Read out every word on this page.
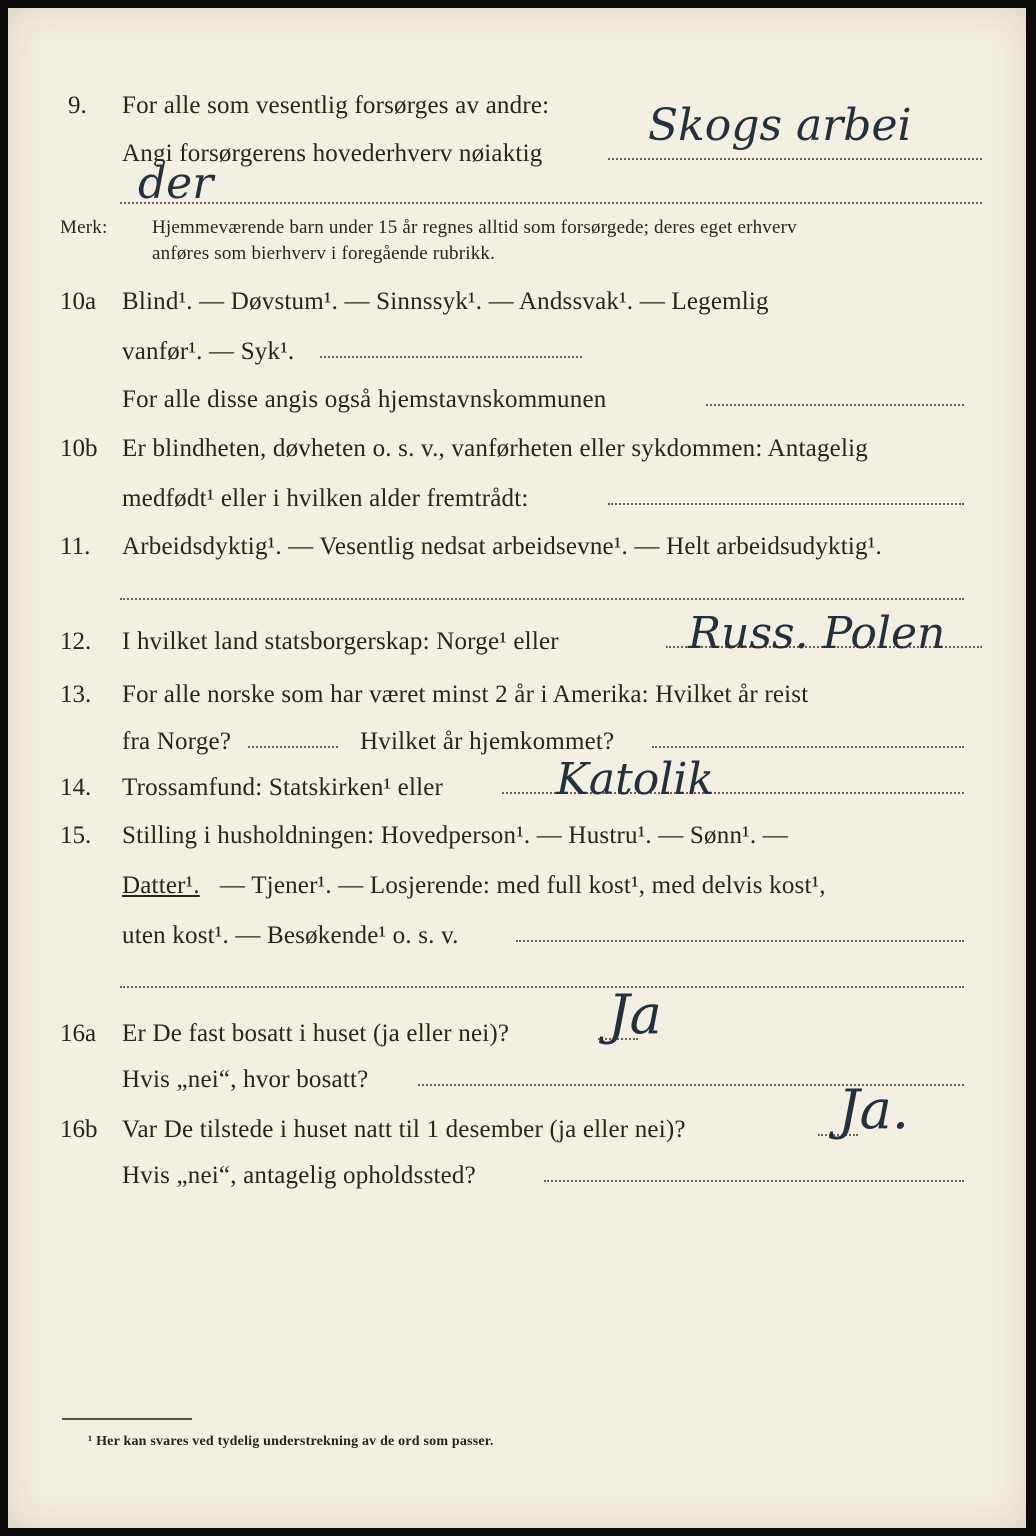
9. For alle som vesentlig forsørges av andre:
Angi forsørgerens hovederhverv nøiaktig
Skogs arbei
der
Merk: Hjemmeværende barn under 15 år regnes alltid som forsørgede; deres eget erhverv
anføres som bierhverv i foregående rubrikk.
10a Blind¹. — Døvstum¹. — Sinnssyk¹. — Andssvak¹. — Legemlig
vanfør¹. — Syk¹.
For alle disse angis også hjemstavnskommunen
10b Er blindheten, døvheten o. s. v., vanførheten eller sykdommen: Antagelig
medfødt¹ eller i hvilken alder fremtrådt:
11. Arbeidsdyktig¹. — Vesentlig nedsat arbeidsevne¹. — Helt arbeidsudyktig¹.
12. I hvilket land statsborgerskap: Norge¹ eller	Russ. Polen
13. For alle norske som har været minst 2 år i Amerika: Hvilket år reist
fra Norge?	Hvilket år hjemkommet?
14. Trossamfund: Statskirken¹ eller	Katolik
15. Stilling i husholdningen: Hovedperson¹. — Hustru¹. — Sønn¹. —
Datter¹. — Tjener¹. — Losjerende: med full kost¹, med delvis kost¹,
uten kost¹. — Besøkende¹ o. s. v.
16a Er De fast bosatt i huset (ja eller nei)? Ja
Hvis „nei“, hvor bosatt?
16b Var De tilstede i huset natt til 1 desember (ja eller nei)?	Ja.
Hvis „nei“, antagelig opholdssted?
¹ Her kan svares ved tydelig understrekning av de ord som passer.
